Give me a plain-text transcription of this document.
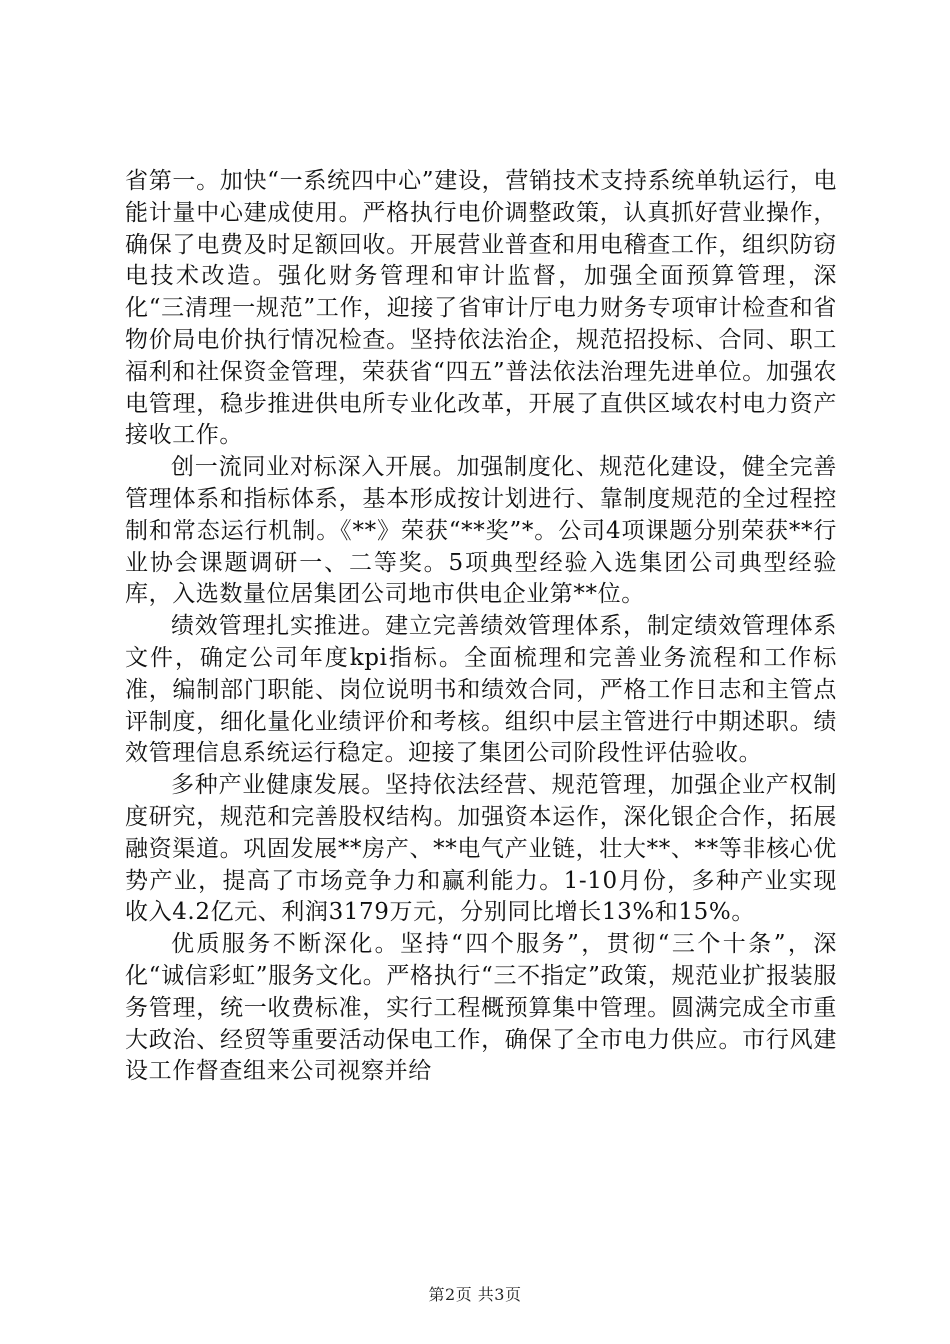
省第一。加快“一系统四中心”建设，营销技术支持系统单轨运行，电能计量中心建成使用。严格执行电价调整政策，认真抓好营业操作，确保了电费及时足额回收。开展营业普查和用电稽查工作，组织防窃电技术改造。强化财务管理和审计监督，加强全面预算管理，深化“三清理一规范”工作，迎接了省审计厅电力财务专项审计检查和省物价局电价执行情况检查。坚持依法治企，规范招投标、合同、职工福利和社保资金管理，荣获省“四五”普法依法治理先进单位。加强农电管理，稳步推进供电所专业化改革，开展了直供区域农村电力资产接收工作。

创一流同业对标深入开展。加强制度化、规范化建设，健全完善管理体系和指标体系，基本形成按计划进行、靠制度规范的全过程控制和常态运行机制。《**》荣获“**奖”*。公司4项课题分别荣获**行业协会课题调研一、二等奖。5项典型经验入选集团公司典型经验库，入选数量位居集团公司地市供电企业第**位。

绩效管理扎实推进。建立完善绩效管理体系，制定绩效管理体系文件，确定公司年度kpi指标。全面梳理和完善业务流程和工作标准，编制部门职能、岗位说明书和绩效合同，严格工作日志和主管点评制度，细化量化业绩评价和考核。组织中层主管进行中期述职。绩效管理信息系统运行稳定。迎接了集团公司阶段性评估验收。

多种产业健康发展。坚持依法经营、规范管理，加强企业产权制度研究，规范和完善股权结构。加强资本运作，深化银企合作，拓展融资渠道。巩固发展**房产、**电气产业链，壮大**、**等非核心优势产业，提高了市场竞争力和赢利能力。1-10月份，多种产业实现收入4.2亿元、利润3179万元，分别同比增长13%和15%。

优质服务不断深化。坚持“四个服务”，贯彻“三个十条”，深化“诚信彩虹”服务文化。严格执行“三不指定”政策，规范业扩报装服务管理，统一收费标准，实行工程概预算集中管理。圆满完成全市重大政治、经贸等重要活动保电工作，确保了全市电力供应。市行风建设工作督查组来公司视察并给

第2页 共3页
